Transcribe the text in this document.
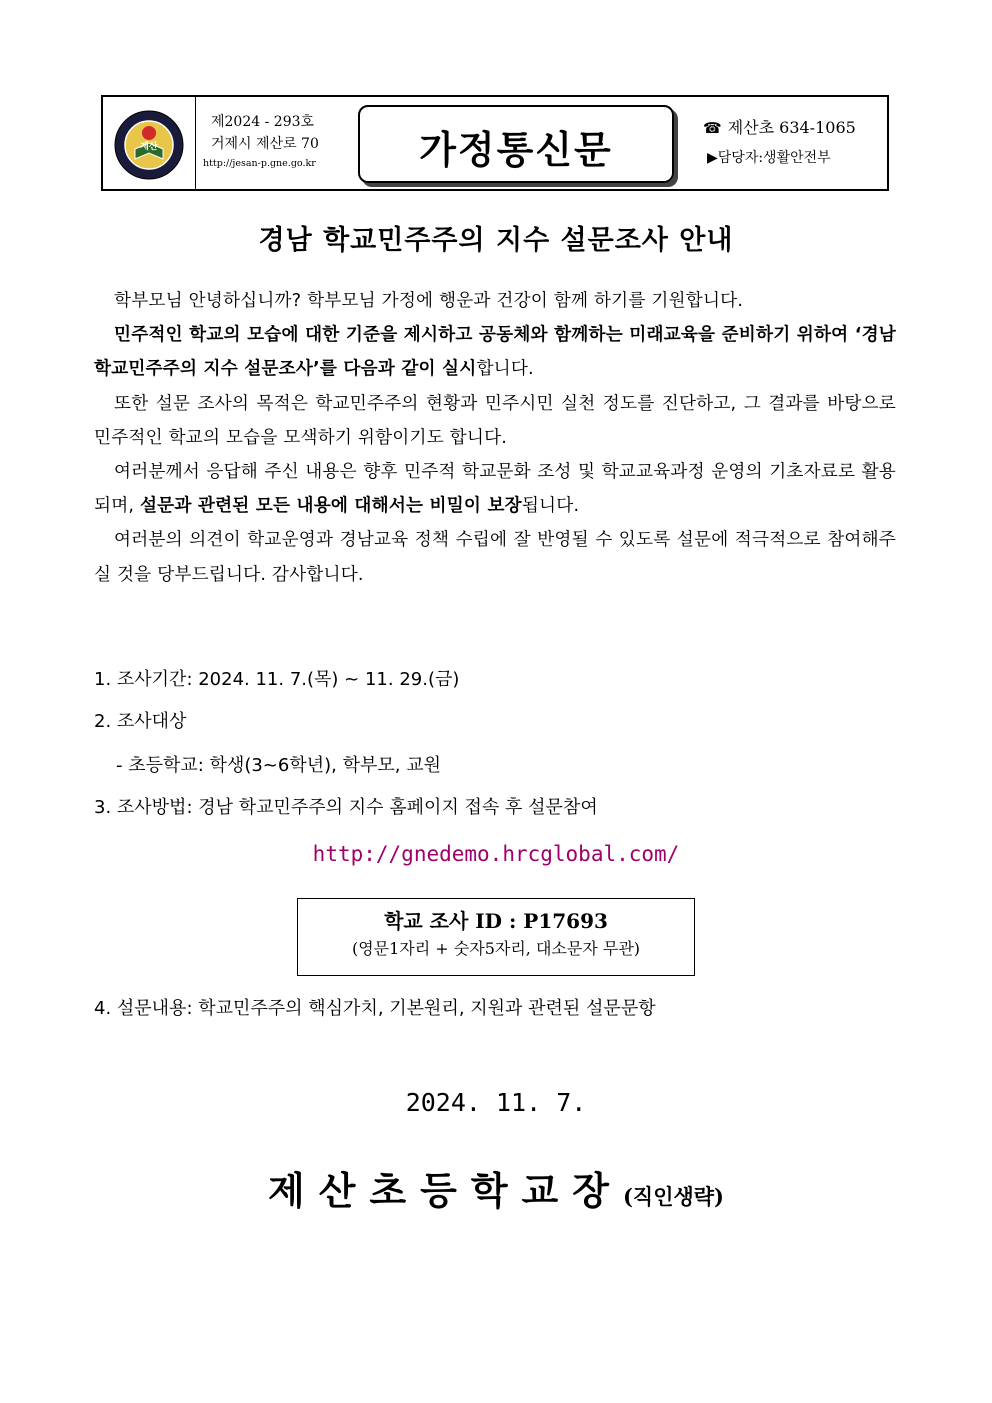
제산
제2024 - 293호
거제시 제산로 70
http://jesan-p.gne.go.kr	가정통신문	☎ 제산초 634-1065
▶담당자:생활안전부
경남 학교민주주의 지수 설문조사 안내

학부모님 안녕하십니까? 학부모님 가정에 행운과 건강이 함께 하기를 기원합니다.

민주적인 학교의 모습에 대한 기준을 제시하고 공동체와 함께하는 미래교육을 준비하기 위하여 ‘경남 학교민주주의 지수 설문조사’를 다음과 같이 실시합니다.

또한 설문 조사의 목적은 학교민주주의 현황과 민주시민 실천 정도를 진단하고, 그 결과를 바탕으로 민주적인 학교의 모습을 모색하기 위함이기도 합니다.

여러분께서 응답해 주신 내용은 향후 민주적 학교문화 조성 및 학교교육과정 운영의 기초자료로 활용되며, 설문과 관련된 모든 내용에 대해서는 비밀이 보장됩니다.

여러분의 의견이 학교운영과 경남교육 정책 수립에 잘 반영될 수 있도록 설문에 적극적으로 참여해주실 것을 당부드립니다. 감사합니다.

1. 조사기간: 2024. 11. 7.(목) ~ 11. 29.(금)
2. 조사대상
- 초등학교: 학생(3~6학년), 학부모, 교원
3. 조사방법: 경남 학교민주주의 지수 홈페이지 접속 후 설문참여
http://gnedemo.hrcglobal.com/
학교 조사 ID : P17693
(영문1자리 + 숫자5자리, 대소문자 무관)
4. 설문내용: 학교민주주의 핵심가치, 기본원리, 지원과 관련된 설문문항
2024. 11. 7.
제산초등학교장(직인생략)
